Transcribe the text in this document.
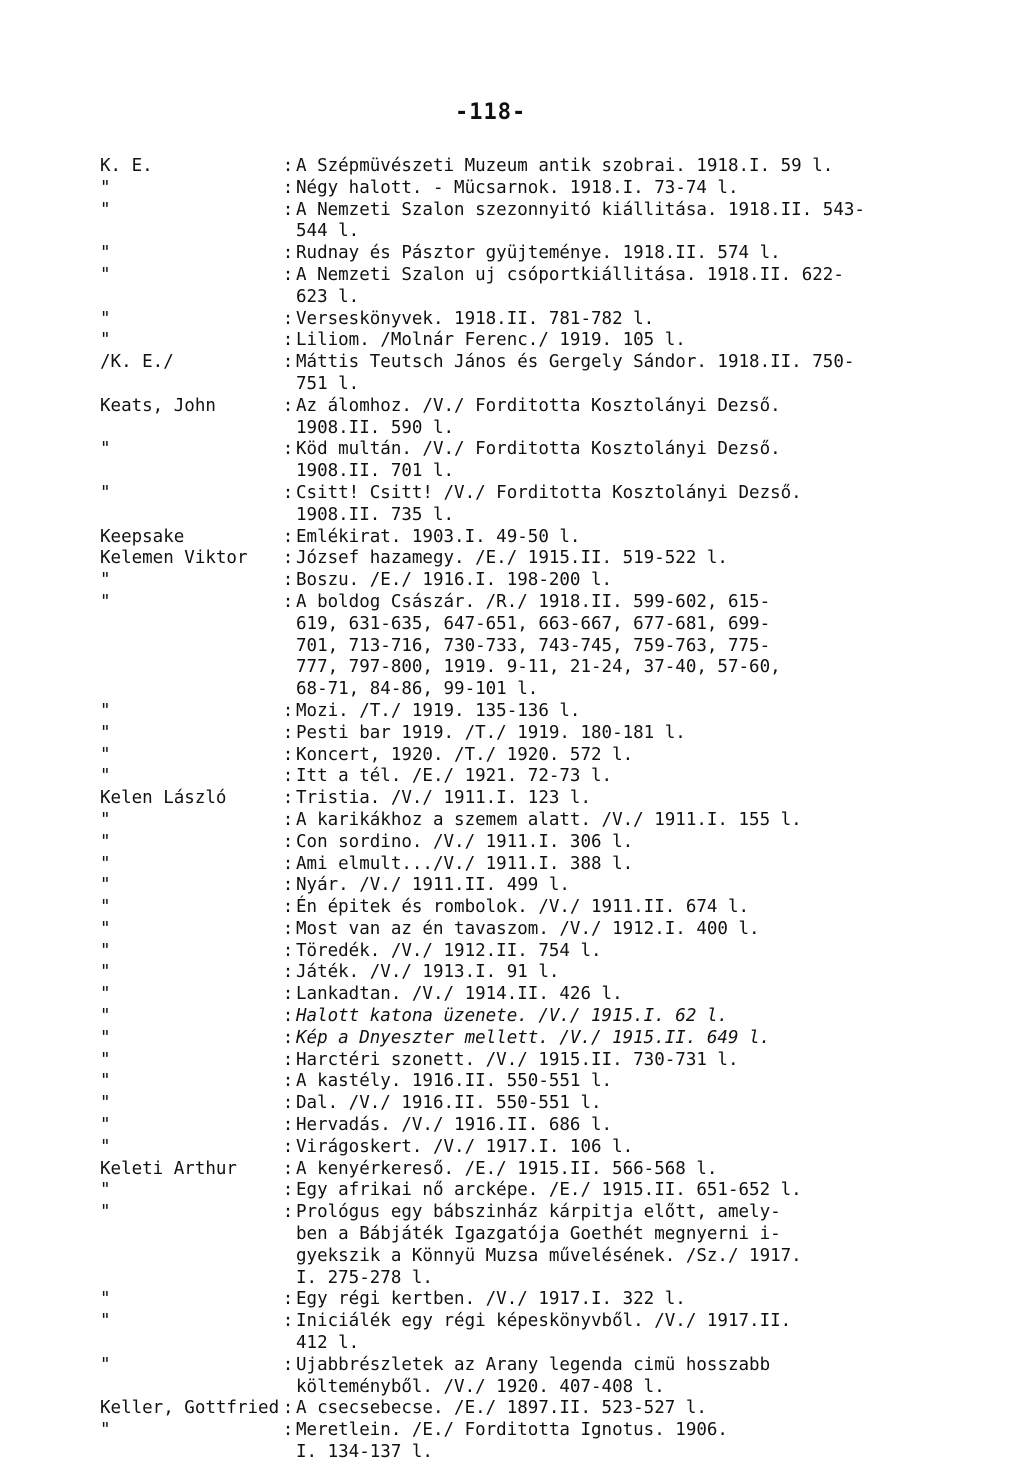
-118-
K. E.	: A Szépmüvészeti Muzeum antik szobrai. 1918.I. 59 l.
"	: Négy halott. - Mücsarnok. 1918.I. 73-74 l.
"	: A Nemzeti Szalon szezonnyitó kiállitása. 1918.II. 543-
544 l.
"	: Rudnay és Pásztor gyüjteménye. 1918.II. 574 l.
"	: A Nemzeti Szalon uj csóportkiállitása. 1918.II. 622-
623 l.
"	: Verseskönyvek. 1918.II. 781-782 l.
"	: Liliom. /Molnár Ferenc./ 1919. 105 l.
/K. E./	: Máttis Teutsch János és Gergely Sándor. 1918.II. 750-
751 l.
Keats, John	: Az álomhoz. /V./ Forditotta Kosztolányi Dezső.
1908.II. 590 l.
"	: Köd multán. /V./ Forditotta Kosztolányi Dezső.
1908.II. 701 l.
"	: Csitt! Csitt! /V./ Forditotta Kosztolányi Dezső.
1908.II. 735 l.
Keepsake	: Emlékirat. 1903.I. 49-50 l.
Kelemen Viktor	: József hazamegy. /E./ 1915.II. 519-522 l.
"	: Boszu. /E./ 1916.I. 198-200 l.
"	: A boldog Császár. /R./ 1918.II. 599-602, 615-
619, 631-635, 647-651, 663-667, 677-681, 699-
701, 713-716, 730-733, 743-745, 759-763, 775-
777, 797-800, 1919. 9-11, 21-24, 37-40, 57-60,
68-71, 84-86, 99-101 l.
"	: Mozi. /T./ 1919. 135-136 l.
"	: Pesti bar 1919. /T./ 1919. 180-181 l.
"	: Koncert, 1920. /T./ 1920. 572 l.
"	: Itt a tél. /E./ 1921. 72-73 l.
Kelen László	: Tristia. /V./ 1911.I. 123 l.
"	: A karikákhoz a szemem alatt. /V./ 1911.I. 155 l.
"	: Con sordino. /V./ 1911.I. 306 l.
"	: Ami elmult.../V./ 1911.I. 388 l.
"	: Nyár. /V./ 1911.II. 499 l.
"	: Én épitek és rombolok. /V./ 1911.II. 674 l.
"	: Most van az én tavaszom. /V./ 1912.I. 400 l.
"	: Töredék. /V./ 1912.II. 754 l.
"	: Játék. /V./ 1913.I. 91 l.
"	: Lankadtan. /V./ 1914.II. 426 l.
"	: Halott katona üzenete. /V./ 1915.I. 62 l.
"	: Kép a Dnyeszter mellett. /V./ 1915.II. 649 l.
"	: Harctéri szonett. /V./ 1915.II. 730-731 l.
"	: A kastély. 1916.II. 550-551 l.
"	: Dal. /V./ 1916.II. 550-551 l.
"	: Hervadás. /V./ 1916.II. 686 l.
"	: Virágoskert. /V./ 1917.I. 106 l.
Keleti Arthur	: A kenyérkereső. /E./ 1915.II. 566-568 l.
"	: Egy afrikai nő arcképe. /E./ 1915.II. 651-652 l.
"	: Prológus egy bábszinház kárpitja előtt, amely-
ben a Bábjáték Igazgatója Goethét megnyerni i-
gyekszik a Könnyü Muzsa művelésének. /Sz./ 1917.
I. 275-278 l.
"	: Egy régi kertben. /V./ 1917.I. 322 l.
"	: Iniciálék egy régi képeskönyvből. /V./ 1917.II.
412 l.
"	: Ujabbrészletek az Arany legenda cimü hosszabb
költeményből. /V./ 1920. 407-408 l.
Keller, Gottfried : A csecsebecse. /E./ 1897.II. 523-527 l.
"	: Meretlein. /E./ Forditotta Ignotus. 1906.
I. 134-137 l.
